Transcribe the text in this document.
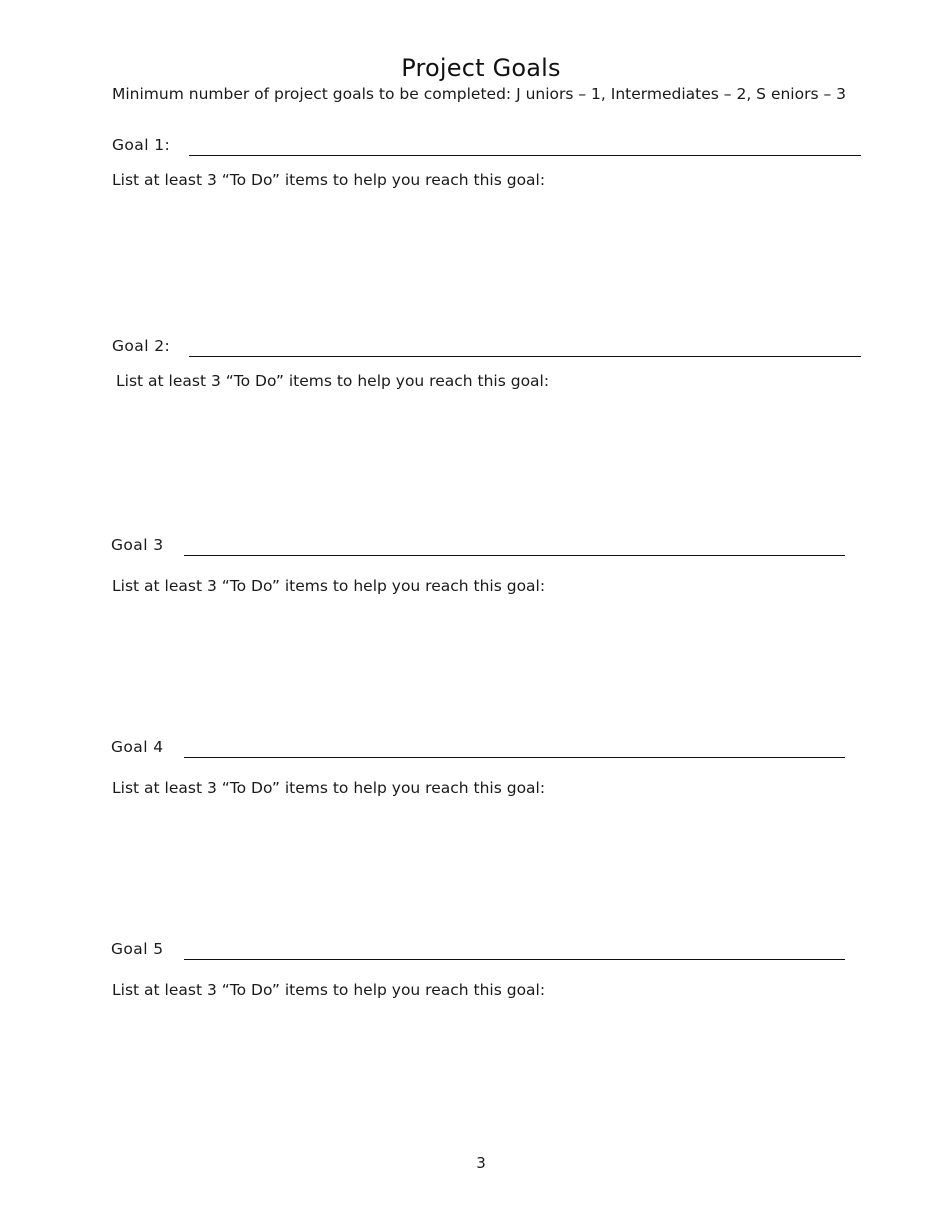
Project Goals
Minimum number of project goals to be completed: J uniors – 1, Intermediates – 2, S eniors – 3
Goal 1:
List at least 3 “To Do” items to help you reach this goal:
Goal 2:
List at least 3 “To Do” items to help you reach this goal:
Goal 3
List at least 3 “To Do” items to help you reach this goal:
Goal 4
List at least 3 “To Do” items to help you reach this goal:
Goal 5
List at least 3 “To Do” items to help you reach this goal:
3
